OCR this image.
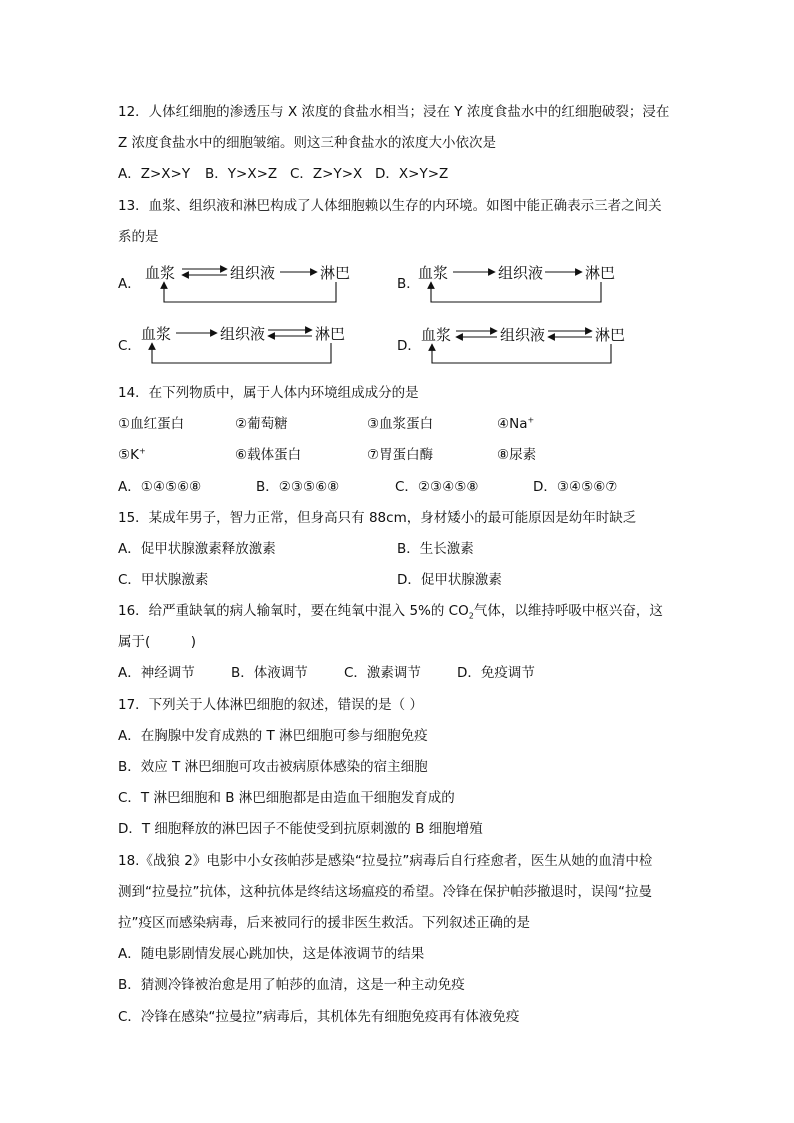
12．人体红细胞的渗透压与 X 浓度的食盐水相当；浸在 Y 浓度食盐水中的红细胞破裂；浸在
Z 浓度食盐水中的细胞皱缩。则这三种食盐水的浓度大小依次是
A．Z>X>Y B．Y>X>Z C．Z>Y>X D．X>Y>Z
13．血浆、组织液和淋巴构成了人体细胞赖以生存的内环境。如图中能正确表示三者之间关
系的是
A．
血浆	组织液	淋巴
B．
血浆	组织液	淋巴
C．
血浆	组织液	淋巴
D．
血浆	组织液	淋巴
14．在下列物质中，属于人体内环境组成成分的是
①血红蛋白	②葡萄糖	③血浆蛋白	④Na+
⑤K+	⑥载体蛋白	⑦胃蛋白酶	⑧尿素
A．①④⑤⑥⑧	B．②③⑤⑥⑧	C．②③④⑤⑧	D．③④⑤⑥⑦
15．某成年男子，智力正常，但身高只有 88cm，身材矮小的最可能原因是幼年时缺乏
A．促甲状腺激素释放激素	B．生长激素
C．甲状腺激素	D．促甲状腺激素
16．给严重缺氧的病人输氧时，要在纯氧中混入 5%的 $CO_2$气体，以维持呼吸中枢兴奋，这
属于(　　　)
A．神经调节	B．体液调节	C．激素调节	D．免疫调节
17．下列关于人体淋巴细胞的叙述，错误的是（ ）
A．在胸腺中发育成熟的 T 淋巴细胞可参与细胞免疫
B．效应 T 淋巴细胞可攻击被病原体感染的宿主细胞
C．T 淋巴细胞和 B 淋巴细胞都是由造血干细胞发育成的
D．T 细胞释放的淋巴因子不能使受到抗原刺激的 B 细胞增殖
18.《战狼 2》电影中小女孩帕莎是感染“拉曼拉”病毒后自行痊愈者，医生从她的血清中检
测到“拉曼拉”抗体，这种抗体是终结这场瘟疫的希望。冷锋在保护帕莎撤退时，误闯“拉曼
拉”疫区而感染病毒，后来被同行的援非医生救活。下列叙述正确的是
A．随电影剧情发展心跳加快，这是体液调节的结果
B．猜测冷锋被治愈是用了帕莎的血清，这是一种主动免疫
C．冷锋在感染“拉曼拉”病毒后，其机体先有细胞免疫再有体液免疫
